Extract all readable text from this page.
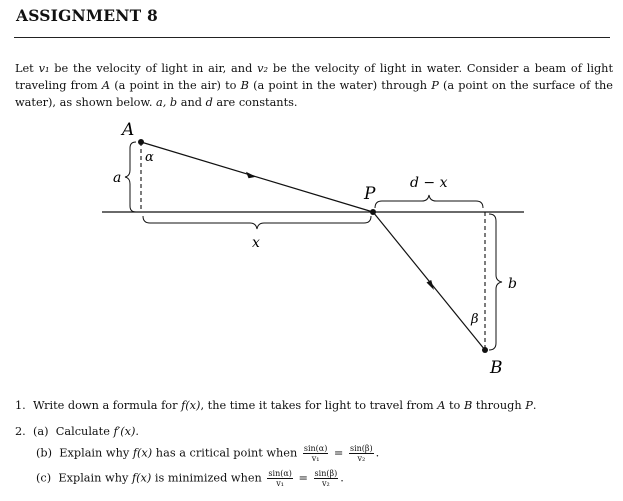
ASSIGNMENT 8
Let v₁ be the velocity of light in air, and v₂ be the velocity of light in water. Consider a beam of light traveling from A (a point in the air) to B (a point in the water) through P (a point on the surface of the water), as shown below. a, b and d are constants.
A
α
a
P
d − x
x
b
β
B
1. Write down a formula for f(x), the time it takes for light to travel from A to B through P.
2. (a) Calculate f′(x).
(b) Explain why f(x) has a critical point when $\frac{\sin(\alpha)}{\text{v₁}} = \frac{\sin(\beta)}{\text{v₂}}$ .
(c) Explain why f(x) is minimized when $\frac{\sin(\alpha)}{\text{v₁}} = \frac{\sin(\beta)}{\text{v₂}}$ .
